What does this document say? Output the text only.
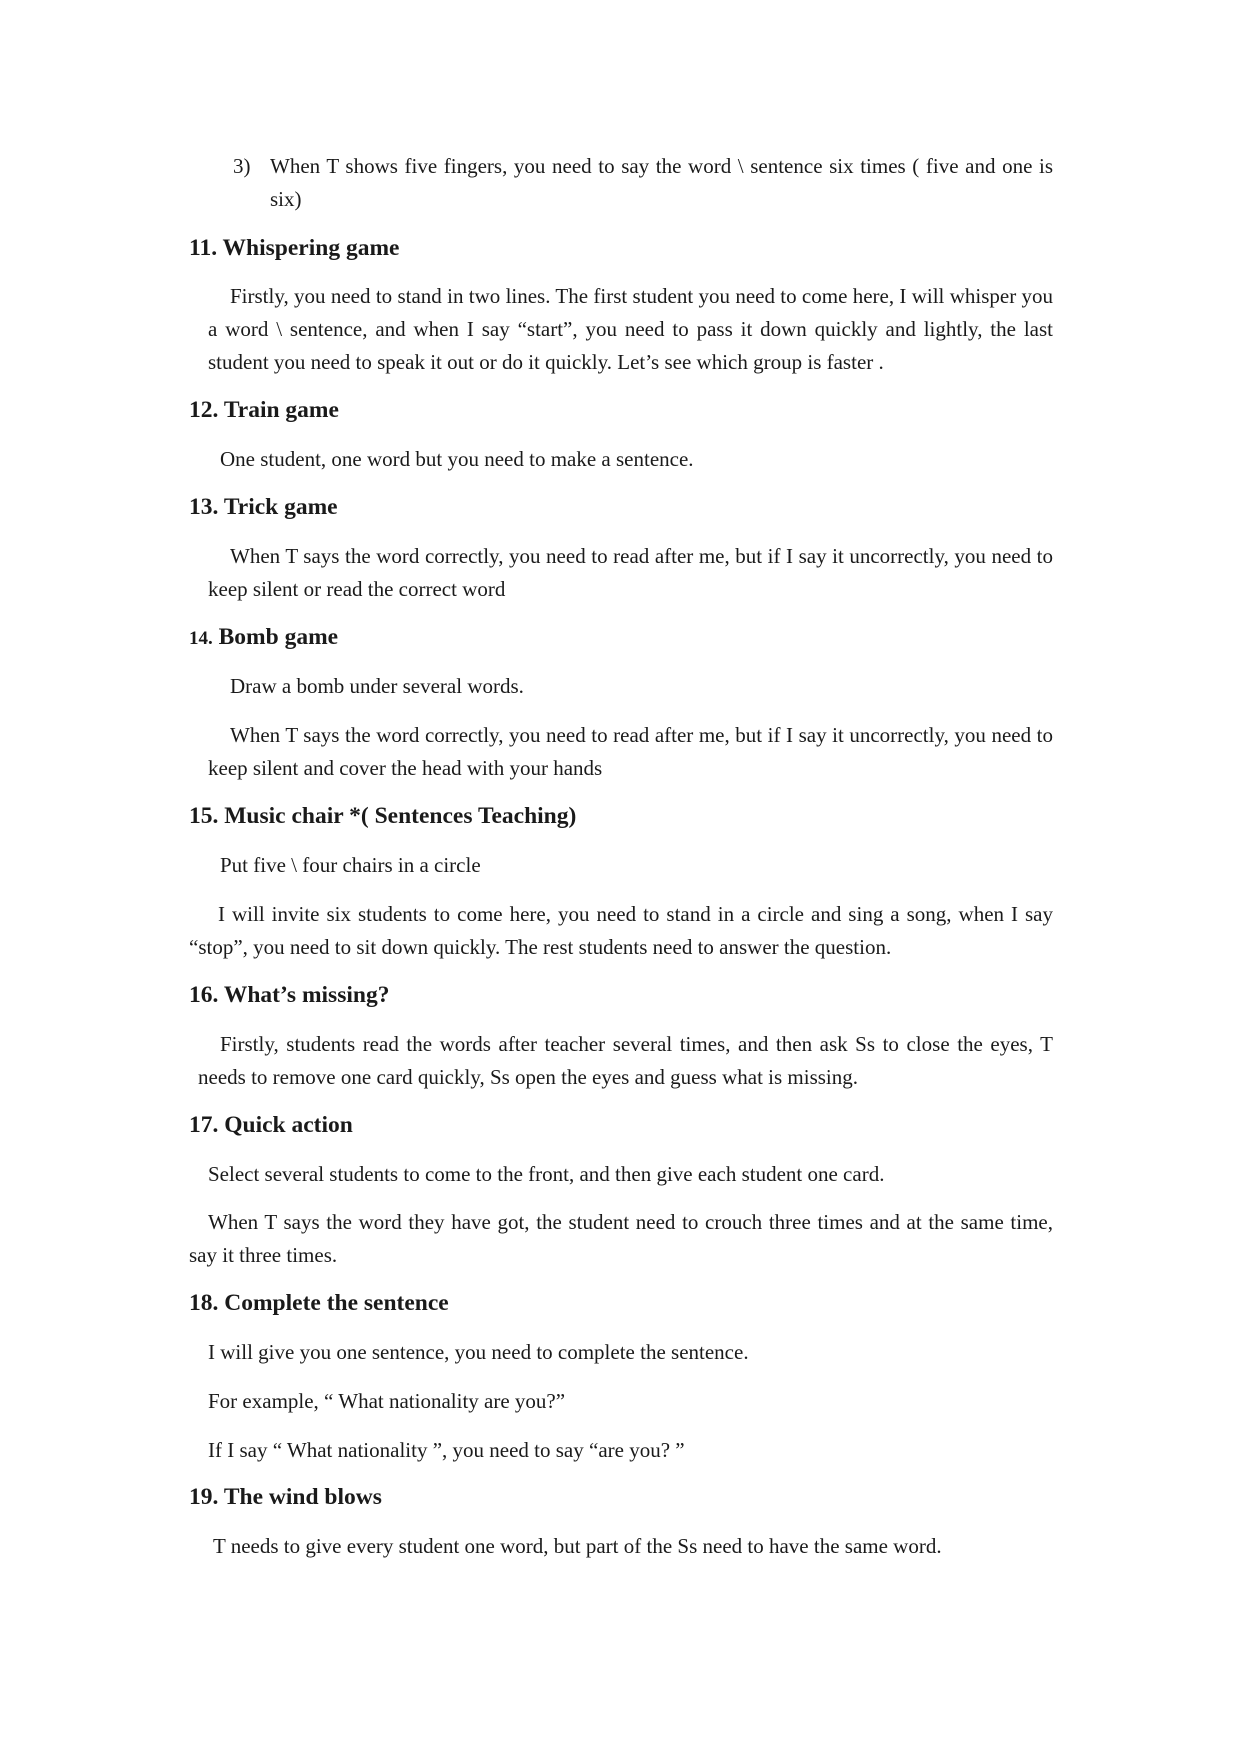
3) When T shows five fingers, you need to say the word \ sentence six times ( five and one is six)
11. Whispering game

Firstly, you need to stand in two lines. The first student you need to come here, I will whisper you a word \ sentence, and when I say “start”, you need to pass it down quickly and lightly, the last student you need to speak it out or do it quickly. Let’s see which group is faster .

12. Train game

One student, one word but you need to make a sentence.

13. Trick game

When T says the word correctly, you need to read after me, but if I say it uncorrectly, you need to keep silent or read the correct word

14. Bomb game

Draw a bomb under several words.

When T says the word correctly, you need to read after me, but if I say it uncorrectly, you need to keep silent and cover the head with your hands

15. Music chair *( Sentences Teaching)

Put five \ four chairs in a circle

I will invite six students to come here, you need to stand in a circle and sing a song, when I say “stop”, you need to sit down quickly. The rest students need to answer the question.

16. What’s missing?

Firstly, students read the words after teacher several times, and then ask Ss to close the eyes, T needs to remove one card quickly, Ss open the eyes and guess what is missing.

17. Quick action

Select several students to come to the front, and then give each student one card.

When T says the word they have got, the student need to crouch three times and at the same time, say it three times.

18. Complete the sentence

I will give you one sentence, you need to complete the sentence.

For example, “ What nationality are you?”

If I say “ What nationality ”, you need to say “are you? ”

19. The wind blows

T needs to give every student one word, but part of the Ss need to have the same word.
